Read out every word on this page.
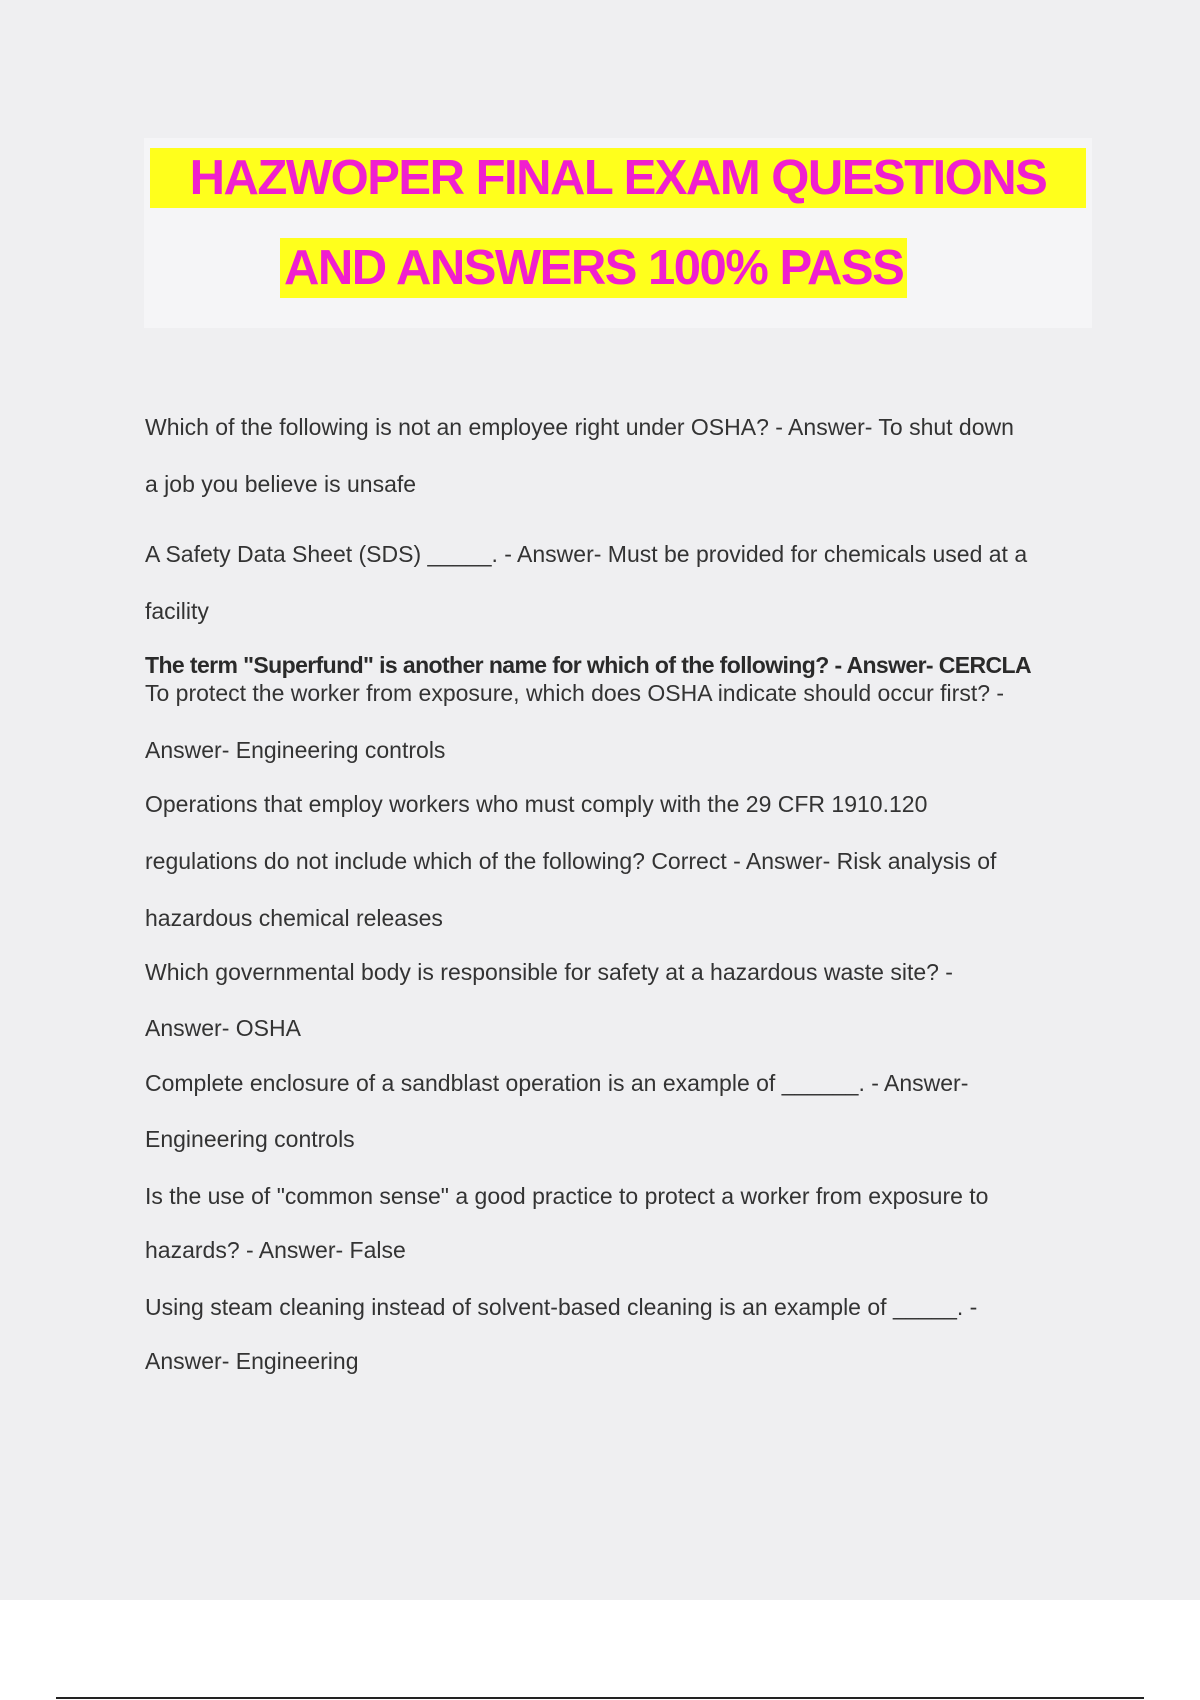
HAZWOPER FINAL EXAM QUESTIONS
AND ANSWERS 100% PASS
Which of the following is not an employee right under OSHA? - Answer- To shut down
a job you believe is unsafe
A Safety Data Sheet (SDS) _____. - Answer- Must be provided for chemicals used at a
facility
The term "Superfund" is another name for which of the following? - Answer- CERCLA
To protect the worker from exposure, which does OSHA indicate should occur first? -
Answer- Engineering controls
Operations that employ workers who must comply with the 29 CFR 1910.120
regulations do not include which of the following? Correct - Answer- Risk analysis of
hazardous chemical releases
Which governmental body is responsible for safety at a hazardous waste site? -
Answer- OSHA
Complete enclosure of a sandblast operation is an example of ______. - Answer-
Engineering controls
Is the use of "common sense" a good practice to protect a worker from exposure to
hazards? - Answer- False
Using steam cleaning instead of solvent-based cleaning is an example of _____. -
Answer- Engineering
